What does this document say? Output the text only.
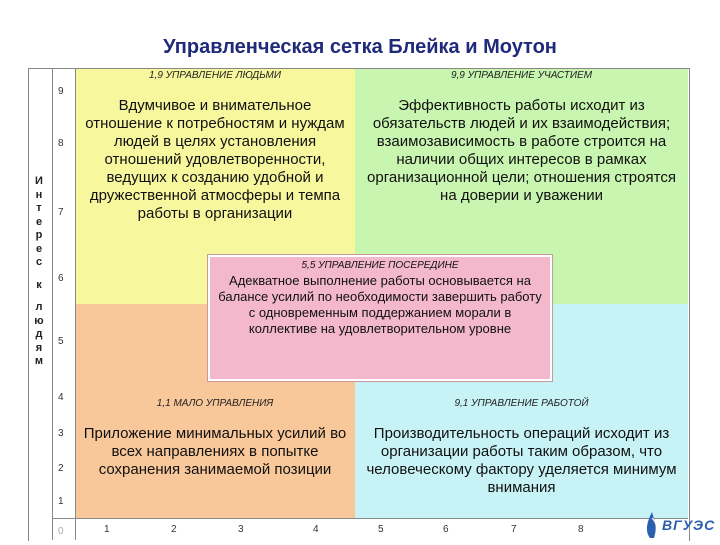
Управленческая сетка Блейка и Моутон
И
н
т
е
р
е
с
к
л
ю
д
я
м
9
8
7
6
5
4
3
2
1
0	1	2	3	4	5	6	7	8
1,9 УПРАВЛЕНИЕ ЛЮДЬМИ
Вдумчивое и внимательное отношение к потребностям и нуждам людей в целях установления отношений удовлетворенности, ведущих к созданию удобной и дружественной атмосферы и темпа работы в организации
9,9 УПРАВЛЕНИЕ УЧАСТИЕМ
Эффективность работы исходит из обязательств людей и их взаимодействия; взаимозависимость в работе строится на наличии общих интересов в рамках организационной цели; отношения строятся на доверии и уважении
1,1 МАЛО УПРАВЛЕНИЯ
Приложение минимальных усилий во всех направлениях в попытке сохранения занимаемой позиции
9,1 УПРАВЛЕНИЕ РАБОТОЙ
Производительность операций исходит из организации работы таким образом, что человеческому фактору уделяется минимум внимания
5,5 УПРАВЛЕНИЕ ПОСЕРЕДИНЕ
Адекватное выполнение работы основывается на балансе усилий по необходимости завершить работу с одновременным поддержанием морали в коллективе на удовлетворительном уровне
ВГУЭС
